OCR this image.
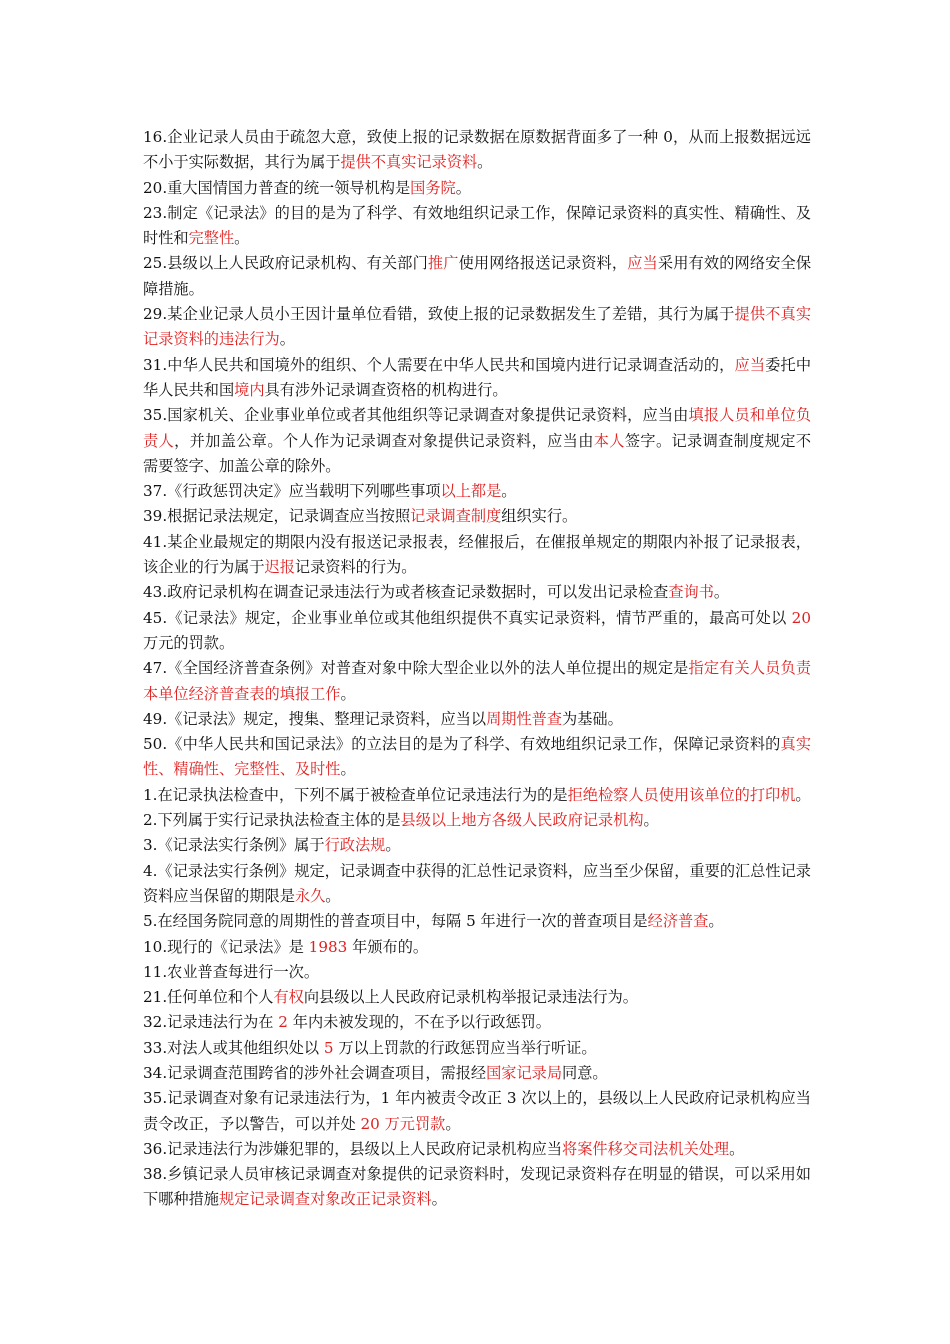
16.企业记录人员由于疏忽大意，致使上报的记录数据在原数据背面多了一种 0，从而上报数据远远不小于实际数据，其行为属于提供不真实记录资料。

20.重大国情国力普查的统一领导机构是国务院。

23.制定《记录法》的目的是为了科学、有效地组织记录工作，保障记录资料的真实性、精确性、及时性和完整性。

25.县级以上人民政府记录机构、有关部门推广使用网络报送记录资料，应当采用有效的网络安全保障措施。

29.某企业记录人员小王因计量单位看错，致使上报的记录数据发生了差错，其行为属于提供不真实记录资料的违法行为。

31.中华人民共和国境外的组织、个人需要在中华人民共和国境内进行记录调查活动的，应当委托中华人民共和国境内具有涉外记录调查资格的机构进行。

35.国家机关、企业事业单位或者其他组织等记录调查对象提供记录资料，应当由填报人员和单位负责人，并加盖公章。个人作为记录调查对象提供记录资料，应当由本人签字。记录调查制度规定不需要签字、加盖公章的除外。

37.《行政惩罚决定》应当载明下列哪些事项以上都是。

39.根据记录法规定，记录调查应当按照记录调查制度组织实行。

41.某企业最规定的期限内没有报送记录报表，经催报后，在催报单规定的期限内补报了记录报表，该企业的行为属于迟报记录资料的行为。

43.政府记录机构在调查记录违法行为或者核查记录数据时，可以发出记录检查查询书。

45.《记录法》规定，企业事业单位或其他组织提供不真实记录资料，情节严重的，最高可处以 20 万元的罚款。

47.《全国经济普查条例》对普查对象中除大型企业以外的法人单位提出的规定是指定有关人员负责本单位经济普查表的填报工作。

49.《记录法》规定，搜集、整理记录资料，应当以周期性普查为基础。

50.《中华人民共和国记录法》的立法目的是为了科学、有效地组织记录工作，保障记录资料的真实性、精确性、完整性、及时性。

1.在记录执法检查中，下列不属于被检查单位记录违法行为的是拒绝检察人员使用该单位的打印机。

2.下列属于实行记录执法检查主体的是县级以上地方各级人民政府记录机构。

3.《记录法实行条例》属于行政法规。

4.《记录法实行条例》规定，记录调查中获得的汇总性记录资料，应当至少保留，重要的汇总性记录资料应当保留的期限是永久。

5.在经国务院同意的周期性的普查项目中，每隔 5 年进行一次的普查项目是经济普查。

10.现行的《记录法》是 1983 年颁布的。

11.农业普查每进行一次。

21.任何单位和个人有权向县级以上人民政府记录机构举报记录违法行为。

32.记录违法行为在 2 年内未被发现的，不在予以行政惩罚。

33.对法人或其他组织处以 5 万以上罚款的行政惩罚应当举行听证。

34.记录调查范围跨省的涉外社会调查项目，需报经国家记录局同意。

35.记录调查对象有记录违法行为，1 年内被责令改正 3 次以上的，县级以上人民政府记录机构应当责令改正，予以警告，可以并处 20 万元罚款。

36.记录违法行为涉嫌犯罪的，县级以上人民政府记录机构应当将案件移交司法机关处理。

38.乡镇记录人员审核记录调查对象提供的记录资料时，发现记录资料存在明显的错误，可以采用如下哪种措施规定记录调查对象改正记录资料。
